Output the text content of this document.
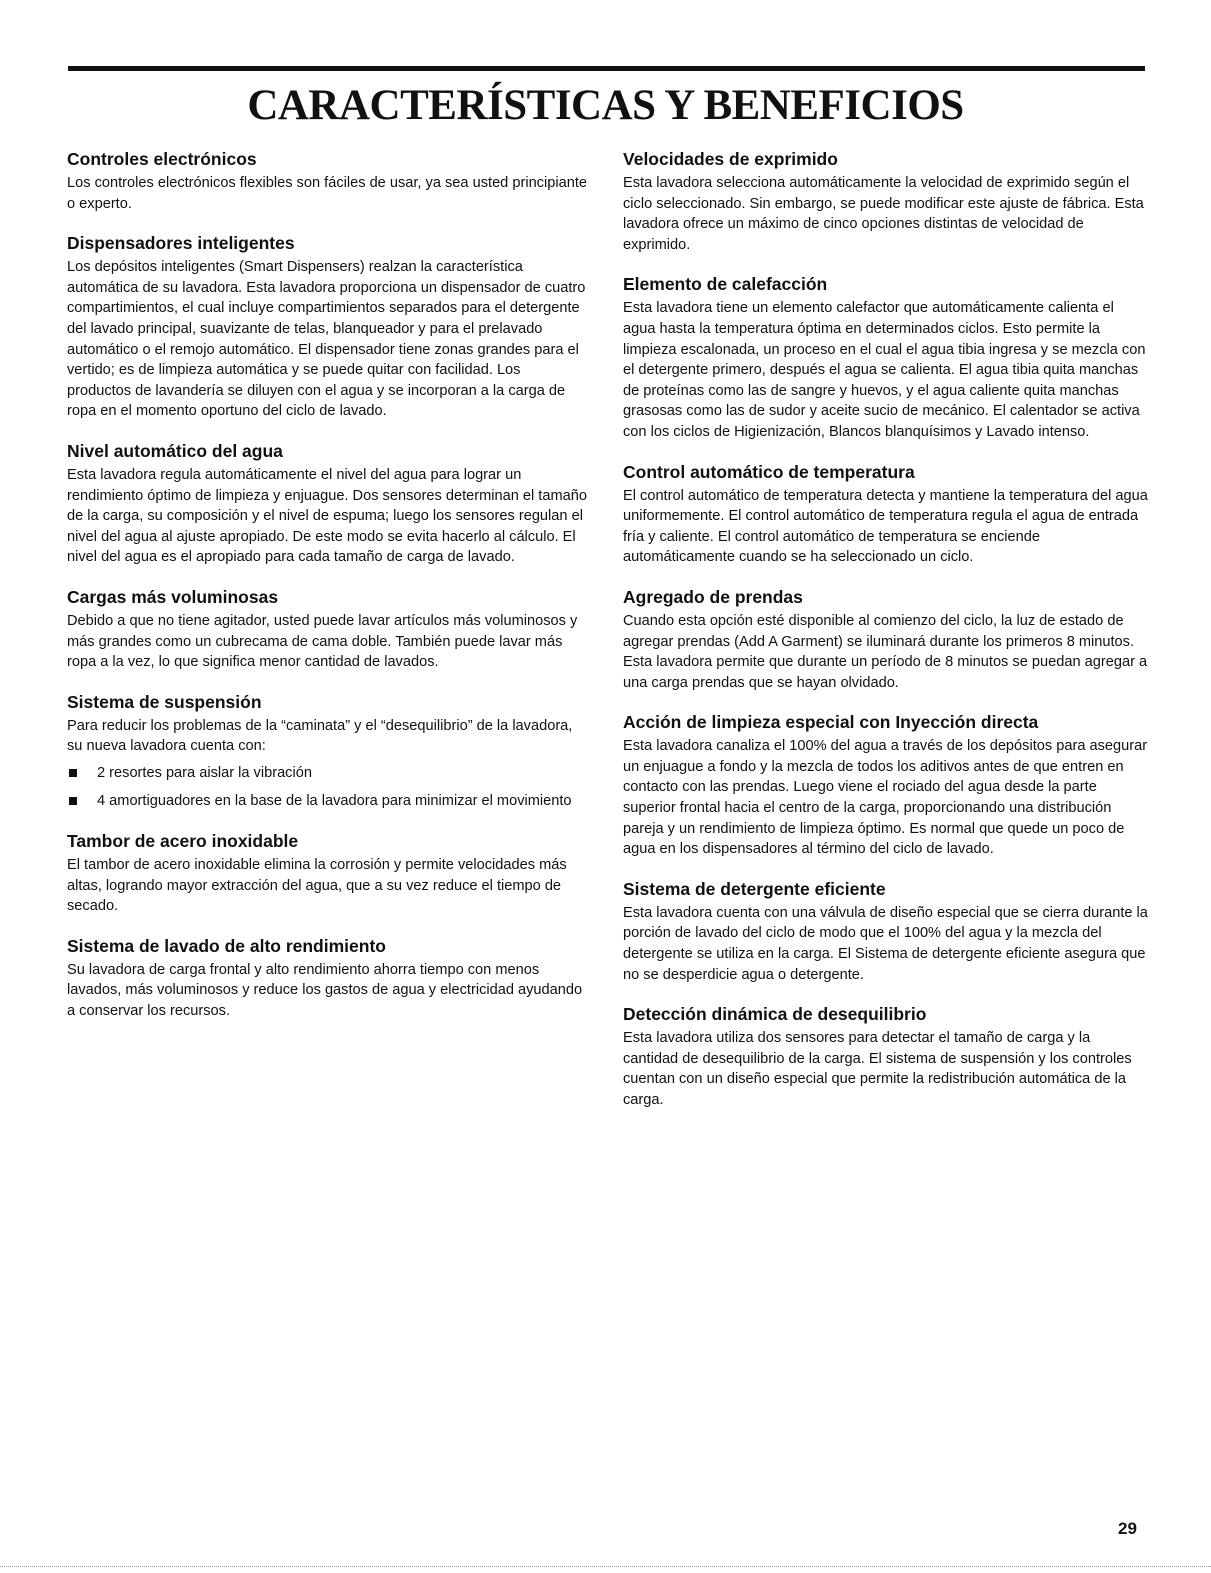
CARACTERÍSTICAS Y BENEFICIOS
Controles electrónicos

Los controles electrónicos flexibles son fáciles de usar, ya sea usted principiante o experto.

Dispensadores inteligentes

Los depósitos inteligentes (Smart Dispensers) realzan la característica automática de su lavadora. Esta lavadora proporciona un dispensador de cuatro compartimientos, el cual incluye compartimientos separados para el detergente del lavado principal, suavizante de telas, blanqueador y para el prelavado automático o el remojo automático. El dispensador tiene zonas grandes para el vertido; es de limpieza automática y se puede quitar con facilidad. Los productos de lavandería se diluyen con el agua y se incorporan a la carga de ropa en el momento oportuno del ciclo de lavado.

Nivel automático del agua

Esta lavadora regula automáticamente el nivel del agua para lograr un rendimiento óptimo de limpieza y enjuague. Dos sensores determinan el tamaño de la carga, su composición y el nivel de espuma; luego los sensores regulan el nivel del agua al ajuste apropiado. De este modo se evita hacerlo al cálculo. El nivel del agua es el apropiado para cada tamaño de carga de lavado.

Cargas más voluminosas

Debido a que no tiene agitador, usted puede lavar artículos más voluminosos y más grandes como un cubrecama de cama doble. También puede lavar más ropa a la vez, lo que significa menor cantidad de lavados.

Sistema de suspensión

Para reducir los problemas de la “caminata” y el “desequilibrio” de la lavadora, su nueva lavadora cuenta con:

2 resortes para aislar la vibración
4 amortiguadores en la base de la lavadora para minimizar el movimiento
Tambor de acero inoxidable

El tambor de acero inoxidable elimina la corrosión y permite velocidades más altas, logrando mayor extracción del agua, que a su vez reduce el tiempo de secado.

Sistema de lavado de alto rendimiento

Su lavadora de carga frontal y alto rendimiento ahorra tiempo con menos lavados, más voluminosos y reduce los gastos de agua y electricidad ayudando a conservar los recursos.

Velocidades de exprimido

Esta lavadora selecciona automáticamente la velocidad de exprimido según el ciclo seleccionado. Sin embargo, se puede modificar este ajuste de fábrica. Esta lavadora ofrece un máximo de cinco opciones distintas de velocidad de exprimido.

Elemento de calefacción

Esta lavadora tiene un elemento calefactor que automáticamente calienta el agua hasta la temperatura óptima en determinados ciclos. Esto permite la limpieza escalonada, un proceso en el cual el agua tibia ingresa y se mezcla con el detergente primero, después el agua se calienta. El agua tibia quita manchas de proteínas como las de sangre y huevos, y el agua caliente quita manchas grasosas como las de sudor y aceite sucio de mecánico. El calentador se activa con los ciclos de Higienización, Blancos blanquísimos y Lavado intenso.

Control automático de temperatura

El control automático de temperatura detecta y mantiene la temperatura del agua uniformemente. El control automático de temperatura regula el agua de entrada fría y caliente. El control automático de temperatura se enciende automáticamente cuando se ha seleccionado un ciclo.

Agregado de prendas

Cuando esta opción esté disponible al comienzo del ciclo, la luz de estado de agregar prendas (Add A Garment) se iluminará durante los primeros 8 minutos. Esta lavadora permite que durante un período de 8 minutos se puedan agregar a una carga prendas que se hayan olvidado.

Acción de limpieza especial con Inyección directa

Esta lavadora canaliza el 100% del agua a través de los depósitos para asegurar un enjuague a fondo y la mezcla de todos los aditivos antes de que entren en contacto con las prendas. Luego viene el rociado del agua desde la parte superior frontal hacia el centro de la carga, proporcionando una distribución pareja y un rendimiento de limpieza óptimo. Es normal que quede un poco de agua en los dispensadores al término del ciclo de lavado.

Sistema de detergente eficiente

Esta lavadora cuenta con una válvula de diseño especial que se cierra durante la porción de lavado del ciclo de modo que el 100% del agua y la mezcla del detergente se utiliza en la carga. El Sistema de detergente eficiente asegura que no se desperdicie agua o detergente.

Detección dinámica de desequilibrio

Esta lavadora utiliza dos sensores para detectar el tamaño de carga y la cantidad de desequilibrio de la carga. El sistema de suspensión y los controles cuentan con un diseño especial que permite la redistribución automática de la carga.

29
